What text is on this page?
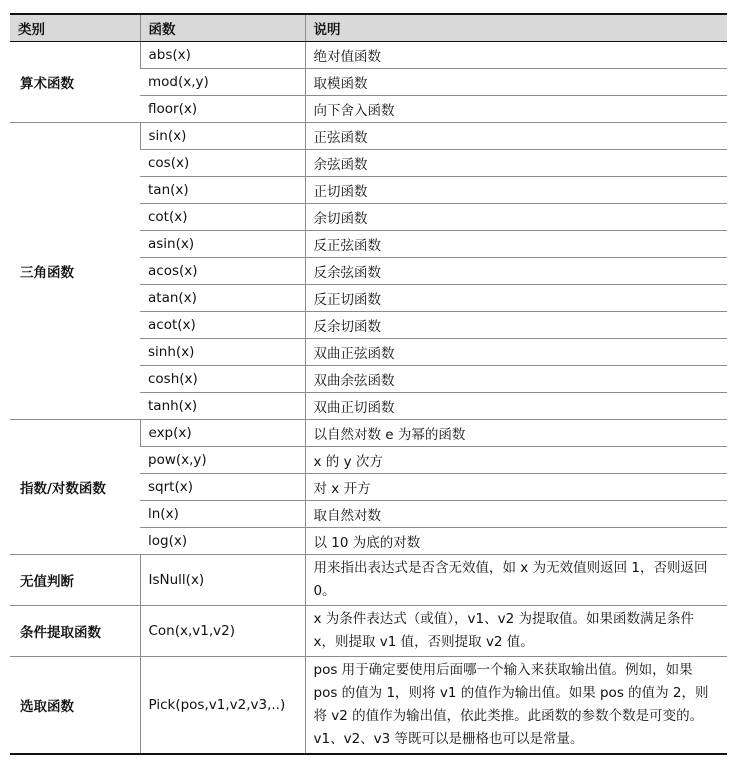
类别	函数	说明
算术函数	abs(x)	绝对值函数
	mod(x,y)	取模函数
	floor(x)	向下舍入函数
三角函数	sin(x)	正弦函数
	cos(x)	余弦函数
	tan(x)	正切函数
	cot(x)	余切函数
	asin(x)	反正弦函数
	acos(x)	反余弦函数
	atan(x)	反正切函数
	acot(x)	反余切函数
	sinh(x)	双曲正弦函数
	cosh(x)	双曲余弦函数
	tanh(x)	双曲正切函数
指数/对数函数	exp(x)	以自然对数 e 为幂的函数
	pow(x,y)	x 的 y 次方
	sqrt(x)	对 x 开方
	ln(x)	取自然对数
	log(x)	以 10 为底的对数
无值判断	IsNull(x)	用来指出表达式是否含无效值，如 x 为无效值则返回 1，否则返回 0。
条件提取函数	Con(x,v1,v2)	x 为条件表达式（或值），v1、v2 为提取值。如果函数满足条件 x，则提取 v1 值，否则提取 v2 值。
选取函数	Pick(pos,v1,v2,v3,..)	pos 用于确定要使用后面哪一个输入来获取输出值。例如，如果 pos 的值为 1，则将 v1 的值作为输出值。如果 pos 的值为 2，则将 v2 的值作为输出值，依此类推。此函数的参数个数是可变的。v1、v2、v3 等既可以是栅格也可以是常量。
